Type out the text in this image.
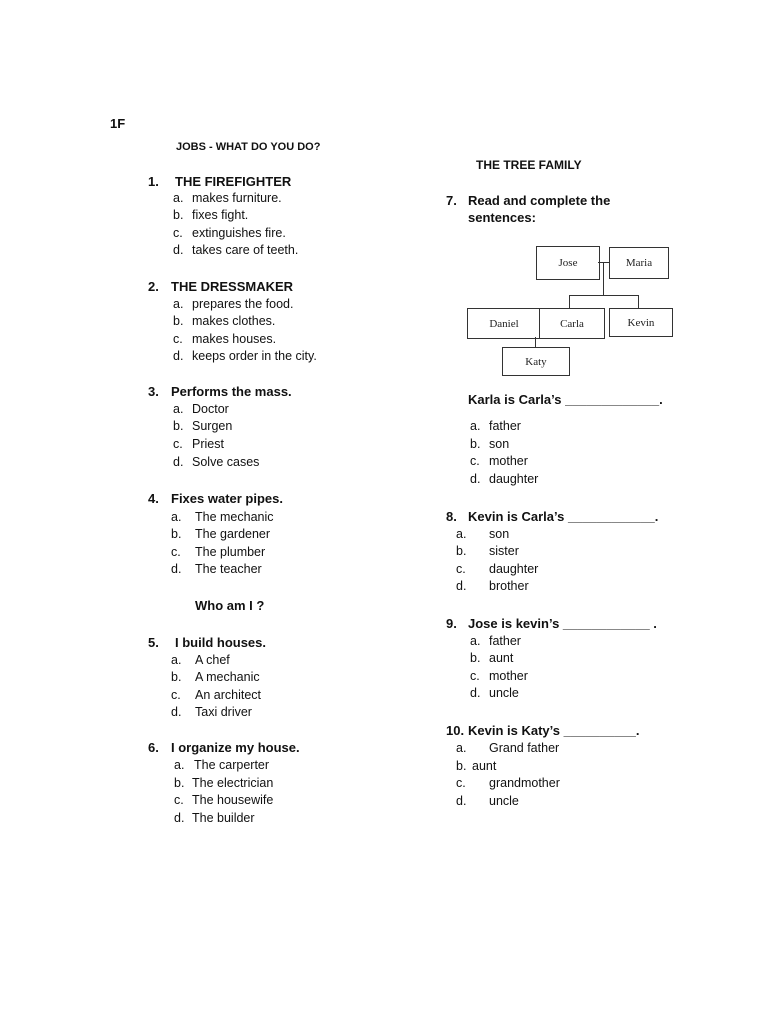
1F
JOBS - WHAT DO YOU DO?
THE TREE FAMILY
1. THE FIREFIGHTER
a. makes furniture.
b. fixes fight.
c. extinguishes fire.
d. takes care of teeth.
2. THE DRESSMAKER
a. prepares the food.
b. makes clothes.
c. makes houses.
d. keeps order in the city.
3. Performs the mass.
a. Doctor
b. Surgen
c. Priest
d. Solve cases
4. Fixes water pipes.
a. The mechanic
b. The gardener
c. The plumber
d. The teacher
Who am I ?
5. I build houses.
a. A chef
b. A mechanic
c. An architect
d. Taxi driver
6. I organize my house.
a. The carperter
b. The electrician
c. The housewife
d. The builder
7. Read and complete the
sentences:
Jose	Maria
Daniel	Carla	Kevin
Katy
Karla is Carla’s _____________.
a. father
b. son
c. mother
d. daughter
8. Kevin is Carla’s ____________.
a. son
b. sister
c. daughter
d. brother
9. Jose is kevin’s ____________ .
a. father
b. aunt
c. mother
d. uncle
10. Kevin is Katy’s __________.
a. Grand father
b. aunt
c. grandmother
d. uncle
